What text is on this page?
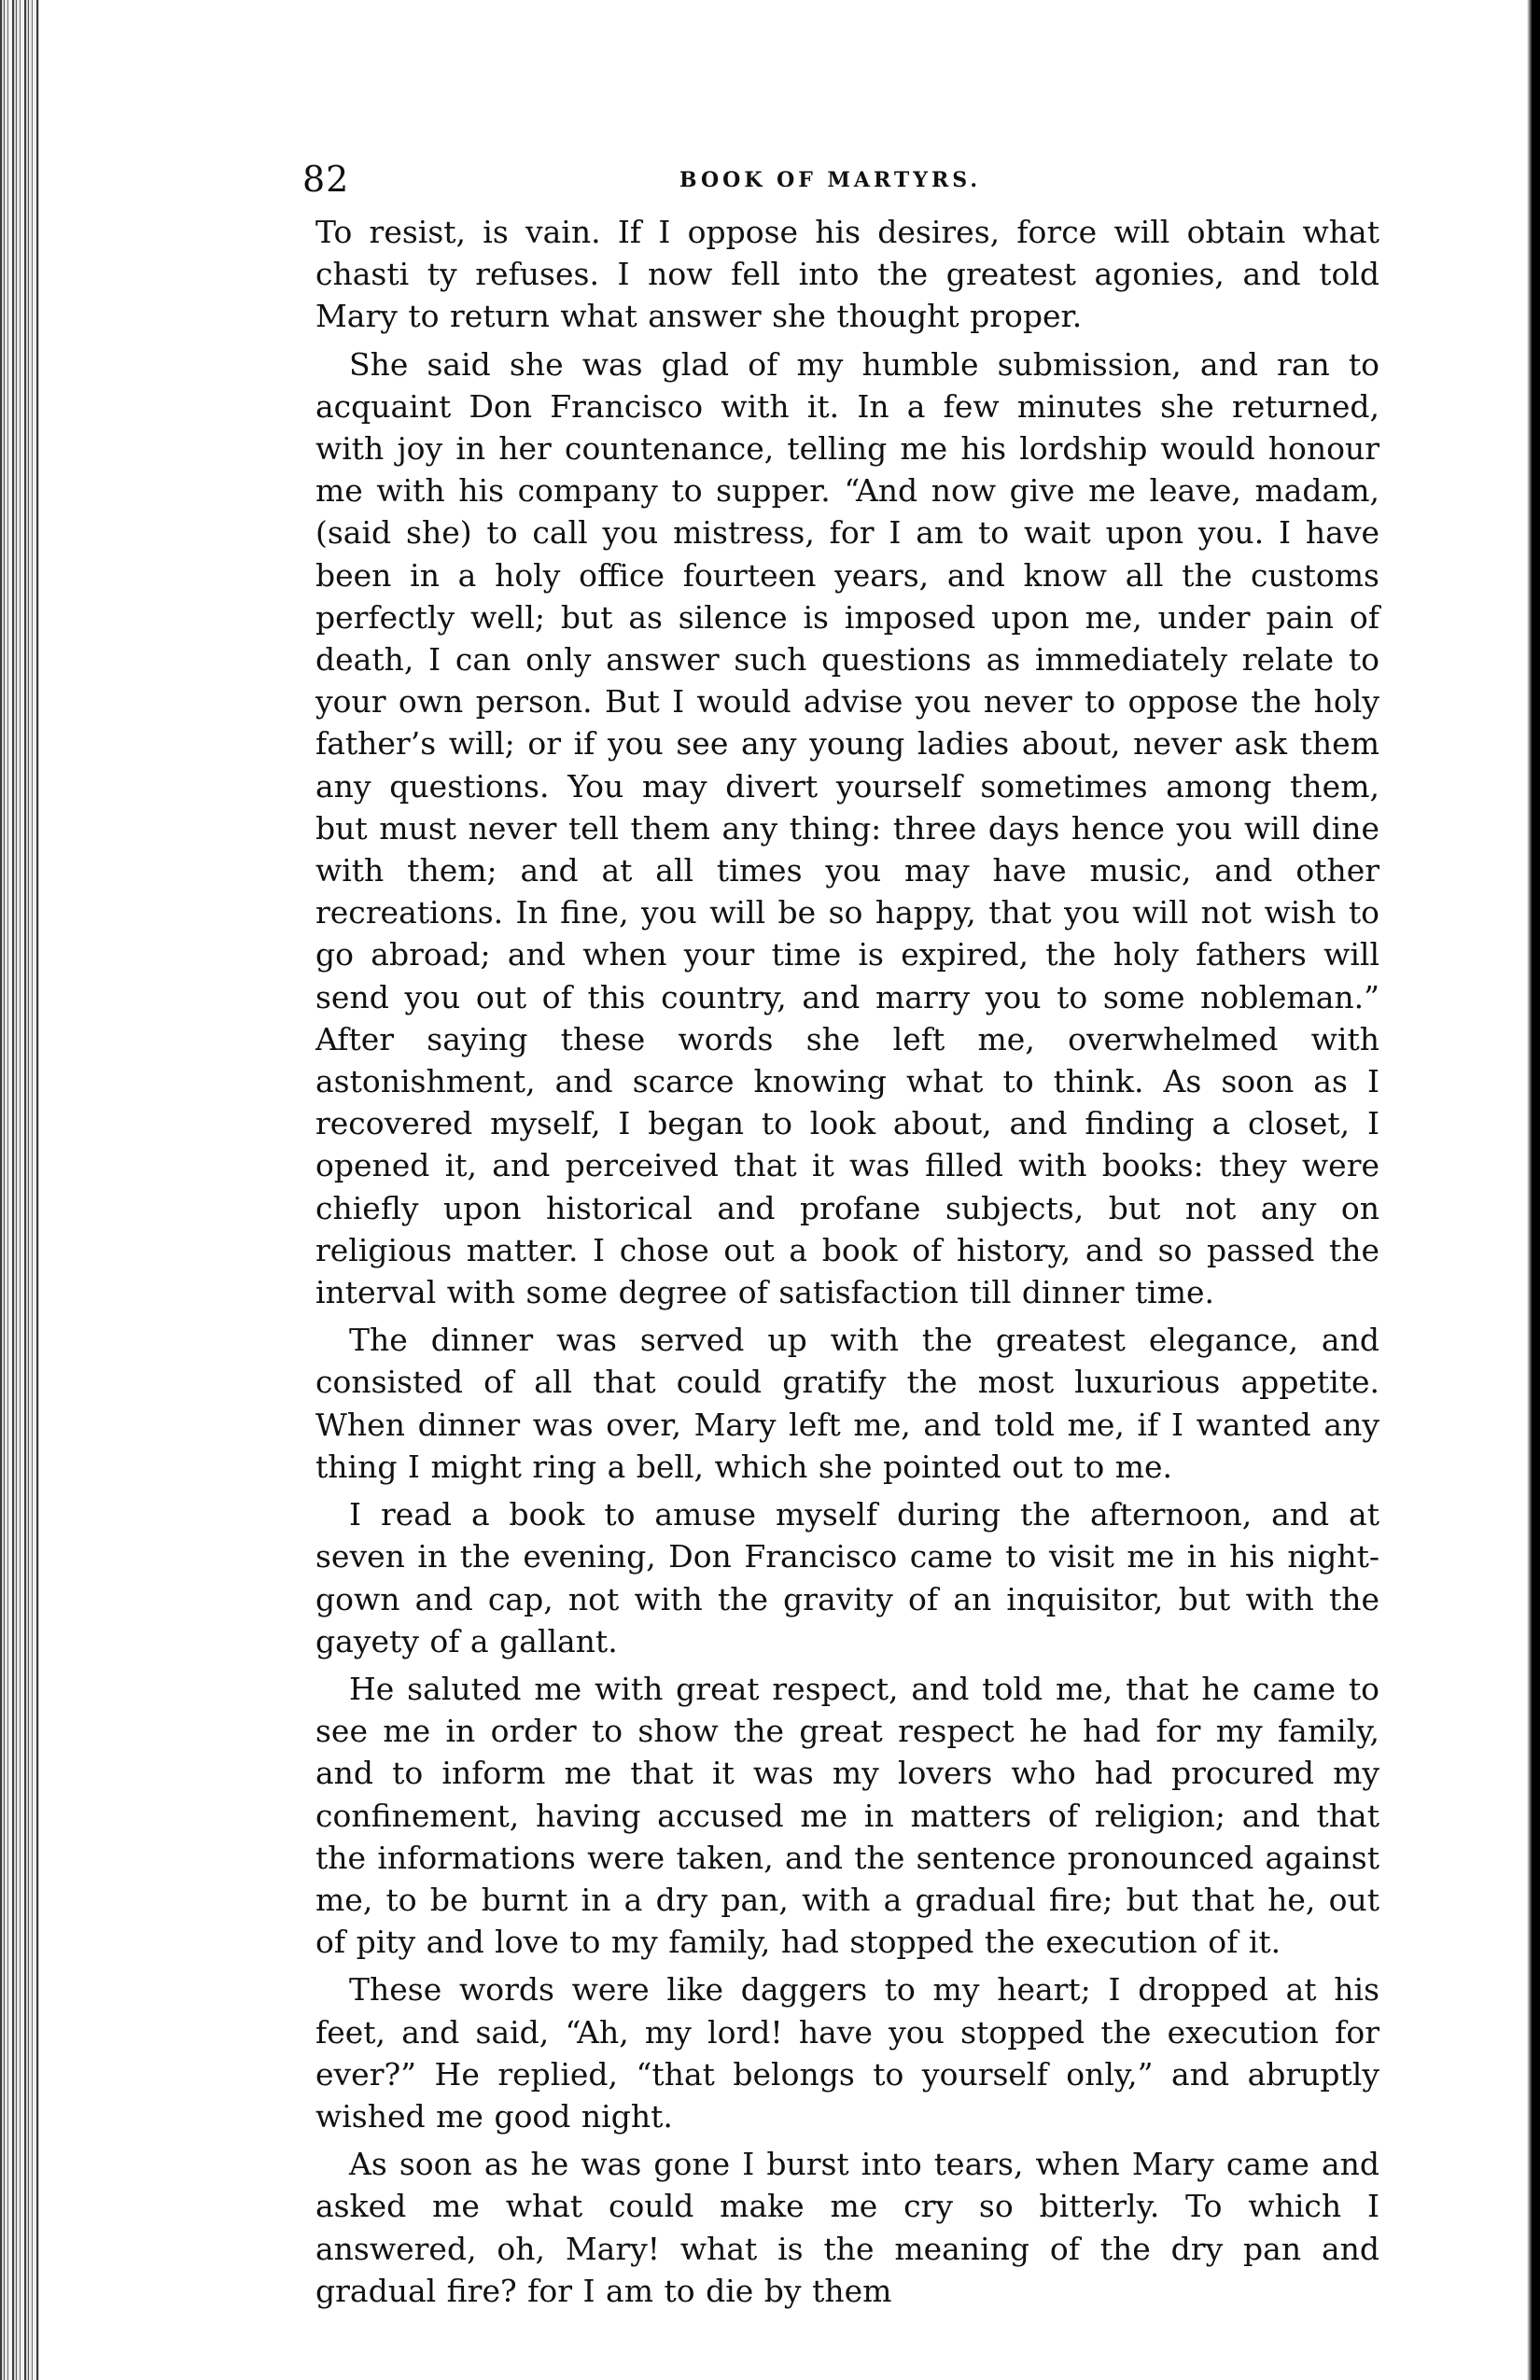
82	BOOK OF MARTYRS.

To resist, is vain. If I oppose his desires, force will obtain what chasti ty refuses. I now fell into the greatest agonies, and told Mary to return what answer she thought proper.

She said she was glad of my humble submission, and ran to acquaint Don Francisco with it. In a few minutes she returned, with joy in her countenance, telling me his lordship would honour me with his company to supper. “And now give me leave, madam, (said she) to call you mistress, for I am to wait upon you. I have been in a holy office fourteen years, and know all the customs perfectly well; but as silence is imposed upon me, under pain of death, I can only answer such questions as immediately relate to your own person. But I would advise you never to oppose the holy father’s will; or if you see any young ladies about, never ask them any questions. You may divert yourself sometimes among them, but must never tell them any thing: three days hence you will dine with them; and at all times you may have music, and other recreations. In fine, you will be so happy, that you will not wish to go abroad; and when your time is expired, the holy fathers will send you out of this country, and marry you to some nobleman.” After saying these words she left me, overwhelmed with astonishment, and scarce knowing what to think. As soon as I recovered myself, I began to look about, and finding a closet, I opened it, and perceived that it was filled with books: they were chiefly upon historical and profane subjects, but not any on religious matter. I chose out a book of history, and so passed the interval with some degree of satisfaction till dinner time.

The dinner was served up with the greatest elegance, and consisted of all that could gratify the most luxurious appetite. When dinner was over, Mary left me, and told me, if I wanted any thing I might ring a bell, which she pointed out to me.

I read a book to amuse myself during the afternoon, and at seven in the evening, Don Francisco came to visit me in his night-gown and cap, not with the gravity of an inquisitor, but with the gayety of a gallant.

He saluted me with great respect, and told me, that he came to see me in order to show the great respect he had for my family, and to inform me that it was my lovers who had procured my confinement, having accused me in matters of religion; and that the informations were taken, and the sentence pronounced against me, to be burnt in a dry pan, with a gradual fire; but that he, out of pity and love to my family, had stopped the execution of it.

These words were like daggers to my heart; I dropped at his feet, and said, “Ah, my lord! have you stopped the execution for ever?” He replied, “that belongs to yourself only,” and abruptly wished me good night.

As soon as he was gone I burst into tears, when Mary came and asked me what could make me cry so bitterly. To which I answered, oh, Mary! what is the meaning of the dry pan and gradual fire? for I am to die by them
